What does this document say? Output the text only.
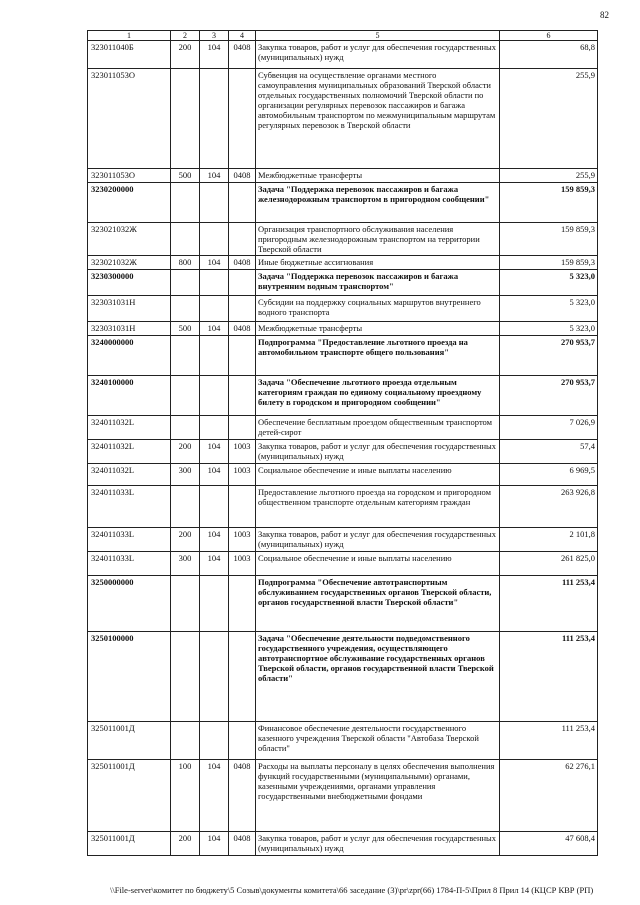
82
1	2	3	4	5	6
323011040Б	200	104	0408	Закупка товаров, работ и услуг для обеспечения государственных (муниципальных) нужд	68,8
323011053О				Субвенция на осуществление органами местного самоуправления муниципальных образований Тверской области отдельных государственных полномочий Тверской области по организации регулярных перевозок пассажиров и багажа автомобильным транспортом по межмуниципальным маршрутам регулярных перевозок в Тверской области	255,9
323011053О	500	104	0408	Межбюджетные трансферты	255,9
3230200000				Задача "Поддержка перевозок пассажиров и багажа железнодорожным транспортом в пригородном сообщении"	159 859,3
323021032Ж				Организация транспортного обслуживания населения пригородным железнодорожным транспортом на территории Тверской области	159 859,3
323021032Ж	800	104	0408	Иные бюджетные ассигнования	159 859,3
3230300000				Задача "Поддержка перевозок пассажиров и багажа внутренним водным транспортом"	5 323,0
323031031Н				Субсидии на поддержку социальных маршрутов внутреннего водного транспорта	5 323,0
323031031Н	500	104	0408	Межбюджетные трансферты	5 323,0
3240000000				Подпрограмма "Предоставление льготного проезда на автомобильном транспорте общего пользования"	270 953,7
3240100000				Задача "Обеспечение льготного проезда отдельным категориям граждан по единому социальному проездному билету в городском и пригородном сообщении"	270 953,7
324011032L				Обеспечение бесплатным проездом общественным транспортом детей-сирот	7 026,9
324011032L	200	104	1003	Закупка товаров, работ и услуг для обеспечения государственных (муниципальных) нужд	57,4
324011032L	300	104	1003	Социальное обеспечение и иные выплаты населению	6 969,5
324011033L				Предоставление льготного проезда на городском и пригородном общественном транспорте отдельным категориям граждан	263 926,8
324011033L	200	104	1003	Закупка товаров, работ и услуг для обеспечения государственных (муниципальных) нужд	2 101,8
324011033L	300	104	1003	Социальное обеспечение и иные выплаты населению	261 825,0
3250000000				Подпрограмма "Обеспечение автотранспортным обслуживанием государственных органов Тверской области, органов государственной власти Тверской области"	111 253,4
3250100000				Задача "Обеспечение деятельности подведомственного государственного учреждения, осуществляющего автотранспортное обслуживание государственных органов Тверской области, органов государственной власти Тверской области"	111 253,4
325011001Д				Финансовое обеспечение деятельности государственного казенного учреждения Тверской области "Автобаза Тверской области"	111 253,4
325011001Д	100	104	0408	Расходы на выплаты персоналу в целях обеспечения выполнения функций государственными (муниципальными) органами, казенными учреждениями, органами управления государственными внебюджетными фондами	62 276,1
325011001Д	200	104	0408	Закупка товаров, работ и услуг для обеспечения государственных (муниципальных) нужд	47 608,4
\\File-server\комитет по бюджету\5 Созыв\документы комитета\66 заседание (3)\pr\zpr(66) 1784-П-5\Прил 8 Прил 14 (КЦСР КВР (РП)
